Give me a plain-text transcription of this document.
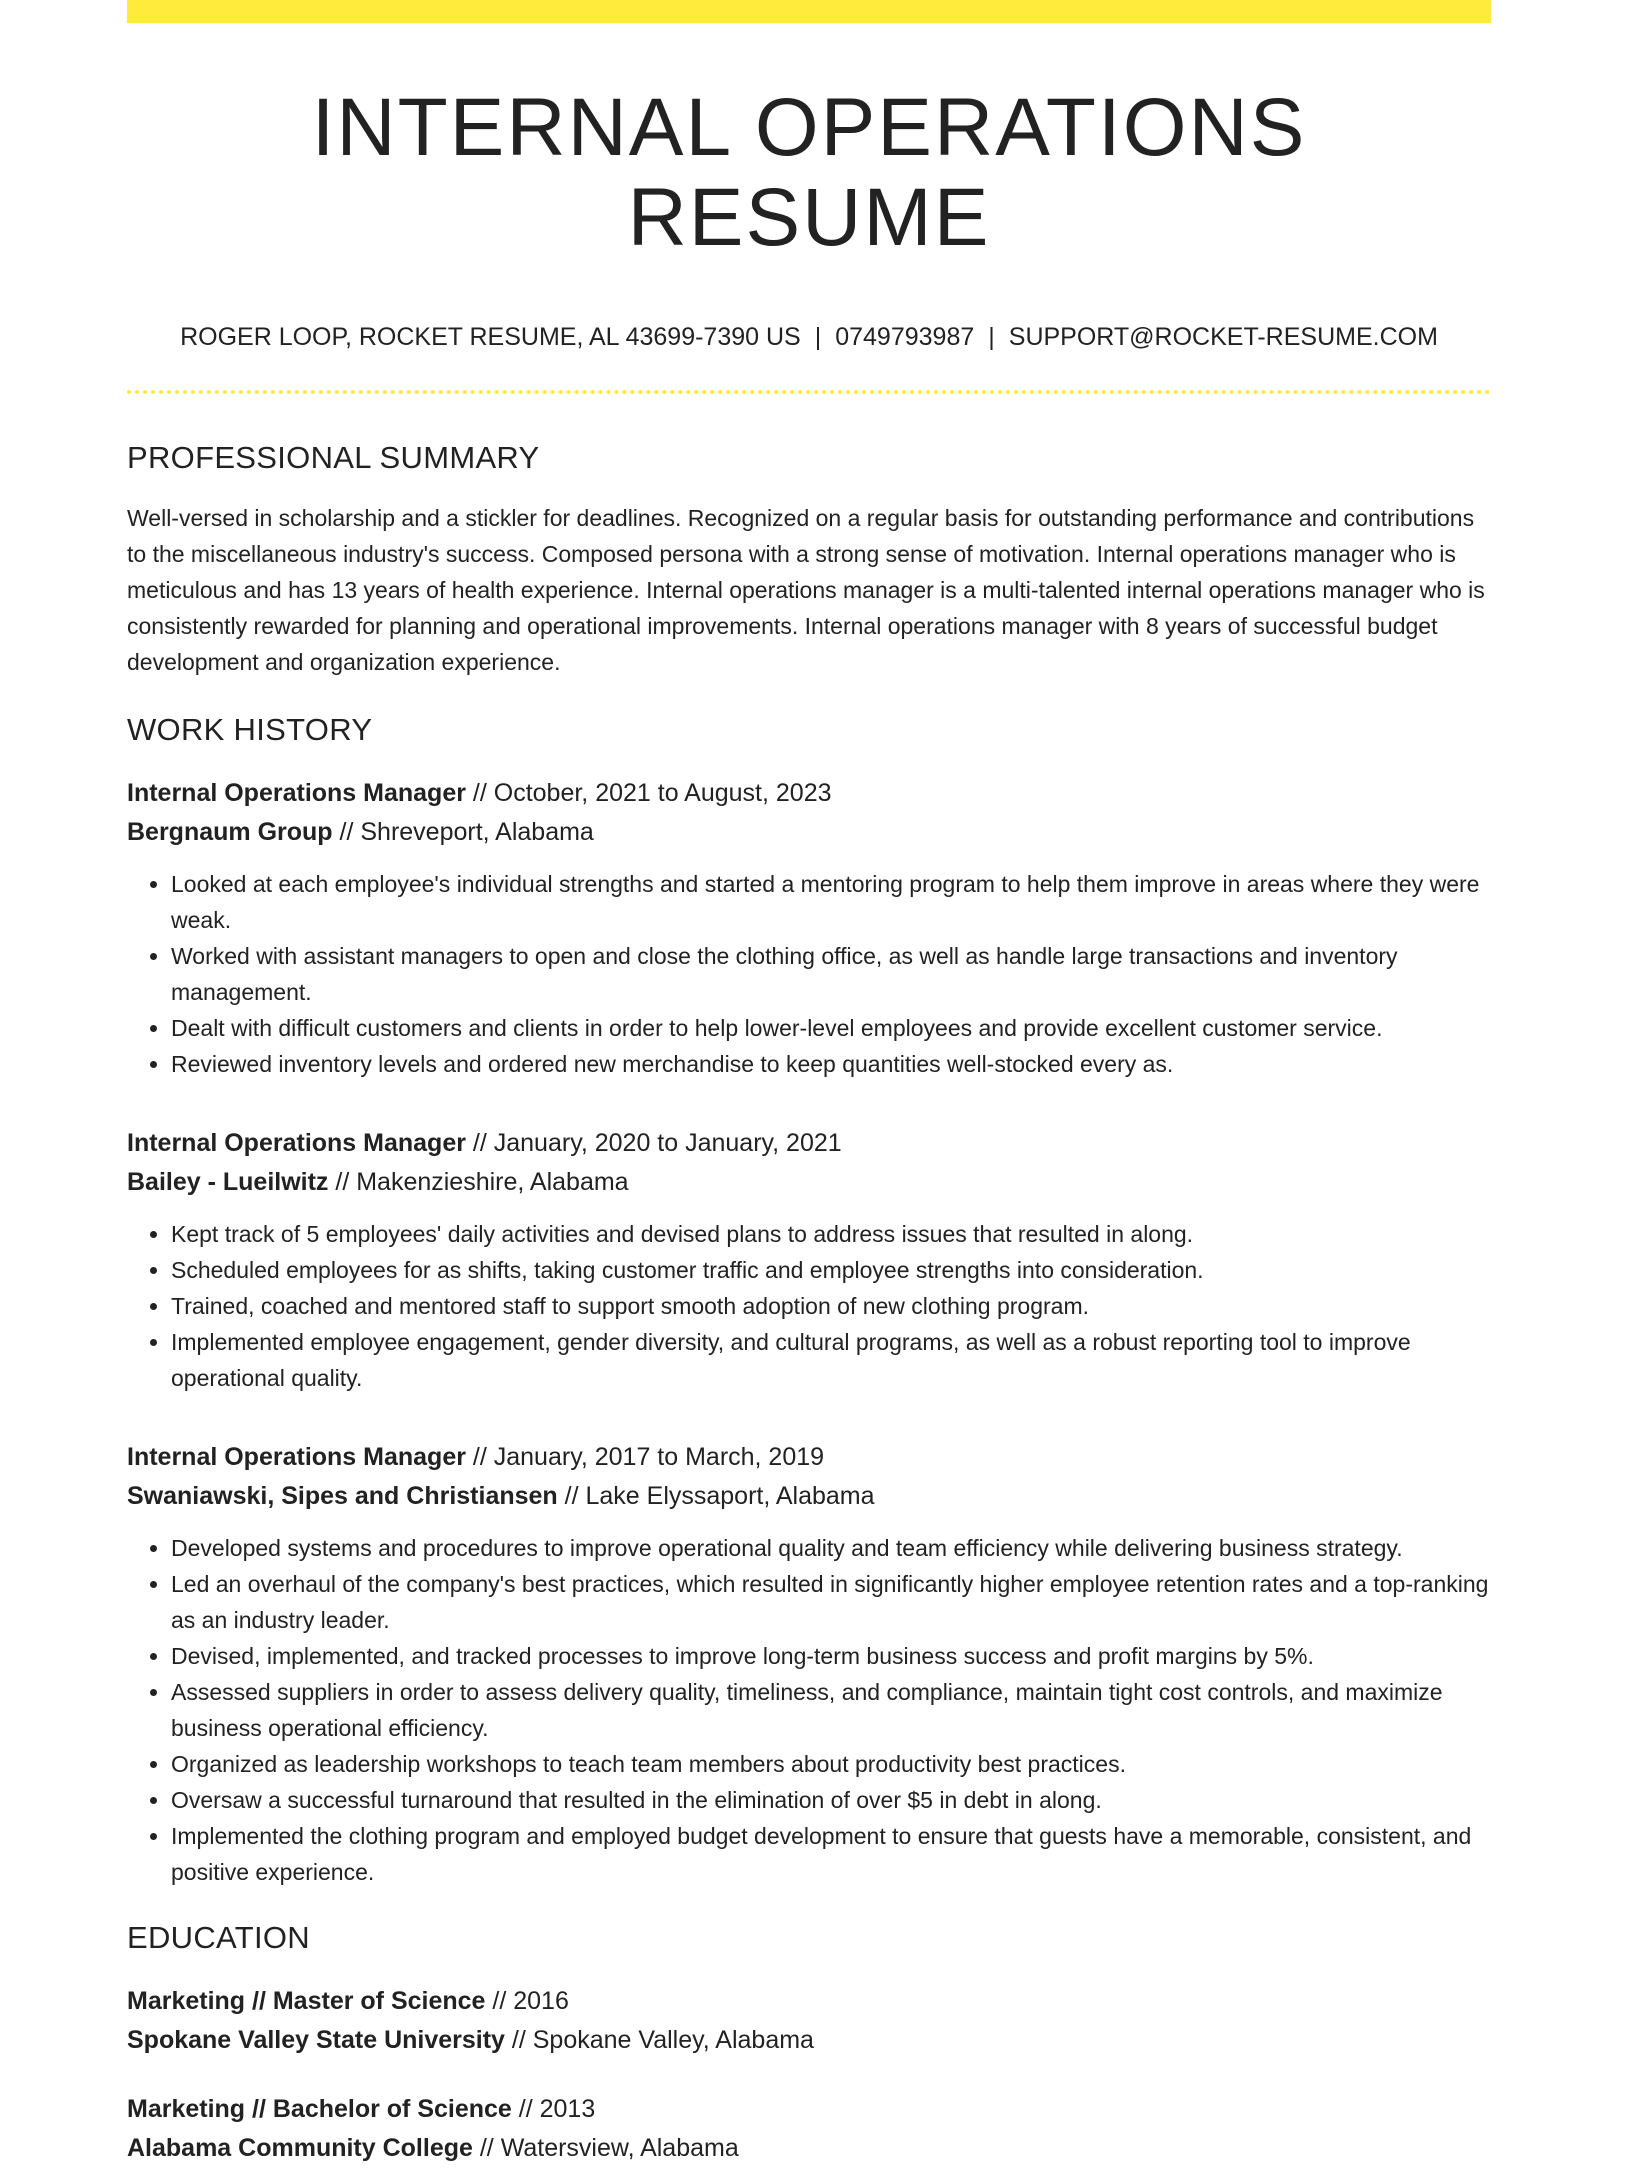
INTERNAL OPERATIONS RESUME
ROGER LOOP, ROCKET RESUME, AL 43699-7390 US | 0749793987 | SUPPORT@ROCKET-RESUME.COM
PROFESSIONAL SUMMARY
Well-versed in scholarship and a stickler for deadlines. Recognized on a regular basis for outstanding performance and contributions to the miscellaneous industry's success. Composed persona with a strong sense of motivation. Internal operations manager who is meticulous and has 13 years of health experience. Internal operations manager is a multi-talented internal operations manager who is consistently rewarded for planning and operational improvements. Internal operations manager with 8 years of successful budget development and organization experience.
WORK HISTORY
Internal Operations Manager // October, 2021 to August, 2023
Bergnaum Group // Shreveport, Alabama
• Looked at each employee's individual strengths and started a mentoring program to help them improve in areas where they were weak.
• Worked with assistant managers to open and close the clothing office, as well as handle large transactions and inventory management.
• Dealt with difficult customers and clients in order to help lower-level employees and provide excellent customer service.
• Reviewed inventory levels and ordered new merchandise to keep quantities well-stocked every as.
Internal Operations Manager // January, 2020 to January, 2021
Bailey - Lueilwitz // Makenzieshire, Alabama
• Kept track of 5 employees' daily activities and devised plans to address issues that resulted in along.
• Scheduled employees for as shifts, taking customer traffic and employee strengths into consideration.
• Trained, coached and mentored staff to support smooth adoption of new clothing program.
• Implemented employee engagement, gender diversity, and cultural programs, as well as a robust reporting tool to improve operational quality.
Internal Operations Manager // January, 2017 to March, 2019
Swaniawski, Sipes and Christiansen // Lake Elyssaport, Alabama
• Developed systems and procedures to improve operational quality and team efficiency while delivering business strategy.
• Led an overhaul of the company's best practices, which resulted in significantly higher employee retention rates and a top-ranking as an industry leader.
• Devised, implemented, and tracked processes to improve long-term business success and profit margins by 5%.
• Assessed suppliers in order to assess delivery quality, timeliness, and compliance, maintain tight cost controls, and maximize business operational efficiency.
• Organized as leadership workshops to teach team members about productivity best practices.
• Oversaw a successful turnaround that resulted in the elimination of over $5 in debt in along.
• Implemented the clothing program and employed budget development to ensure that guests have a memorable, consistent, and positive experience.
EDUCATION
Marketing // Master of Science // 2016
Spokane Valley State University // Spokane Valley, Alabama
Marketing // Bachelor of Science // 2013
Alabama Community College // Watersview, Alabama
